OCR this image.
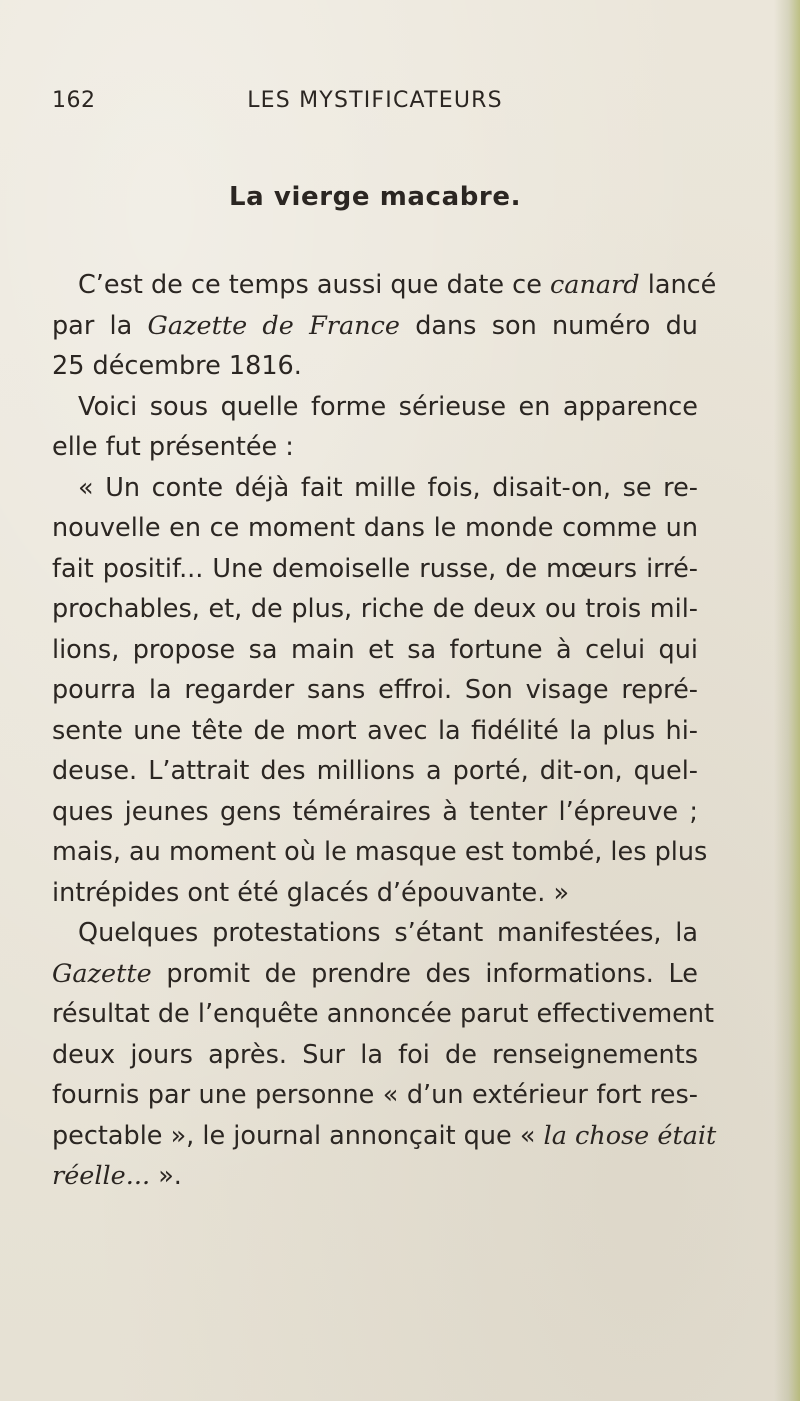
162	LES MYSTIFICATEURS
La vierge macabre.
C’est de ce temps aussi que date ce canard lancé
par la Gazette de France dans son numéro du
25 décembre 1816.
Voici sous quelle forme sérieuse en apparence
elle fut présentée :
« Un conte déjà fait mille fois, disait-on, se re-
nouvelle en ce moment dans le monde comme un
fait positif... Une demoiselle russe, de mœurs irré-
prochables, et, de plus, riche de deux ou trois mil-
lions, propose sa main et sa fortune à celui qui
pourra la regarder sans effroi. Son visage repré-
sente une tête de mort avec la fidélité la plus hi-
deuse. L’attrait des millions a porté, dit-on, quel-
ques jeunes gens téméraires à tenter l’épreuve ;
mais, au moment où le masque est tombé, les plus
intrépides ont été glacés d’épouvante. »
Quelques protestations s’étant manifestées, la
Gazette promit de prendre des informations. Le
résultat de l’enquête annoncée parut effectivement
deux jours après. Sur la foi de renseignements
fournis par une personne « d’un extérieur fort res-
pectable », le journal annonçait que « la chose était
réelle... ».
